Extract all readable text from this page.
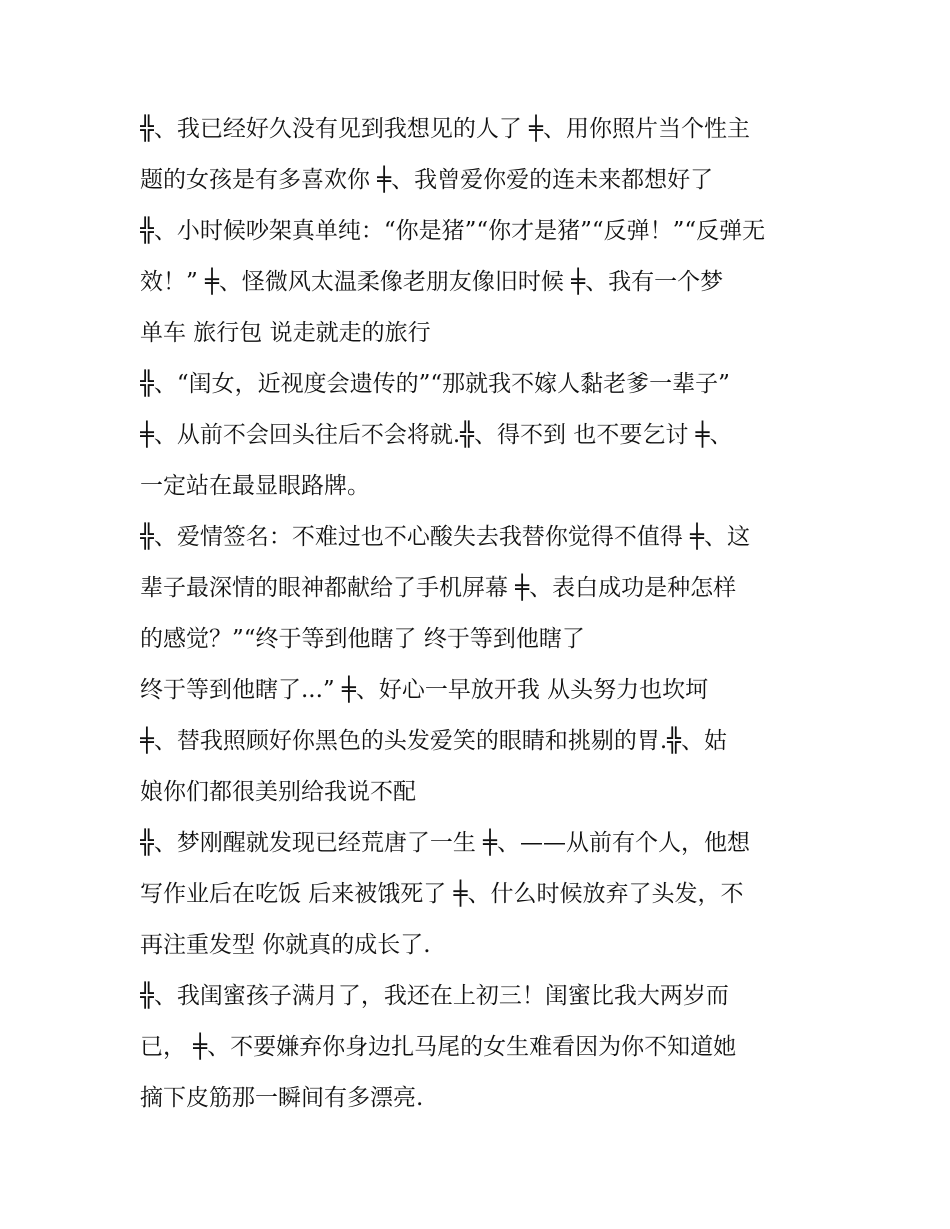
╬、我已经好久没有见到我想见的人了 ╪、用你照片当个性主
题的女孩是有多喜欢你 ╪、我曾爱你爱的连未来都想好了
╬、小时候吵架真单纯：“你是猪”“你才是猪”“反弹！”“反弹无
效！” ╪、怪微风太温柔像老朋友像旧时候 ╪、我有一个梦
单车 旅行包 说走就走的旅行
╬、“闺女，近视度会遗传的”“那就我不嫁人黏老爹一辈子”
╪、从前不会回头往后不会将就.╬、得不到 也不要乞讨 ╪、
一定站在最显眼路牌。
╬、爱情签名：不难过也不心酸失去我替你觉得不值得 ╪、这
辈子最深情的眼神都献给了手机屏幕 ╪、表白成功是种怎样
的感觉？”“终于等到他瞎了 终于等到他瞎了
终于等到他瞎了...” ╪、好心一早放开我 从头努力也坎坷
╪、替我照顾好你黑色的头发爱笑的眼睛和挑剔的胃.╬、姑
娘你们都很美别给我说不配
╬、梦刚醒就发现已经荒唐了一生 ╪、——从前有个人，他想
写作业后在吃饭 后来被饿死了 ╪、什么时候放弃了头发，不
再注重发型 你就真的成长了.
╬、我闺蜜孩子满月了，我还在上初三！闺蜜比我大两岁而
已， ╪、不要嫌弃你身边扎马尾的女生难看因为你不知道她
摘下皮筋那一瞬间有多漂亮.
